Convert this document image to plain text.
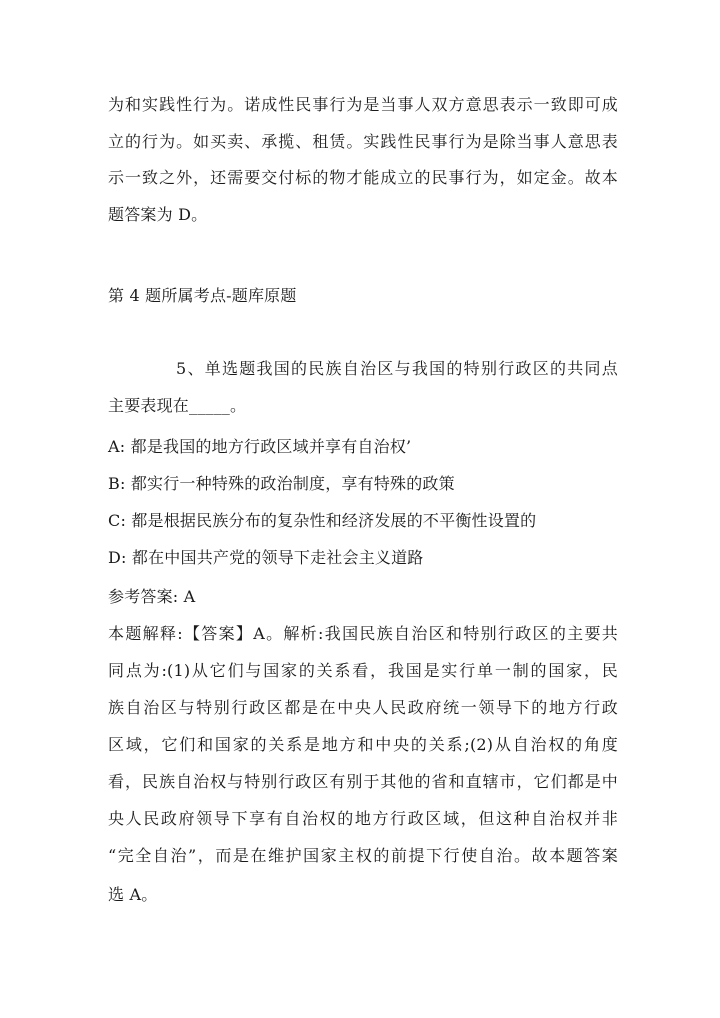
为和实践性行为。诺成性民事行为是当事人双方意思表示一致即可成
立的行为。如买卖、承揽、租赁。实践性民事行为是除当事人意思表
示一致之外，还需要交付标的物才能成立的民事行为，如定金。故本
题答案为 D。
第 4 题所属考点-题库原题
5、单选题我国的民族自治区与我国的特别行政区的共同点
主要表现在_____。
A: 都是我国的地方行政区域并享有自治权’
B: 都实行一种特殊的政治制度，享有特殊的政策
C: 都是根据民族分布的复杂性和经济发展的不平衡性设置的
D: 都在中国共产党的领导下走社会主义道路
参考答案: A
本题解释:【答案】A。解析:我国民族自治区和特别行政区的主要共
同点为:(1)从它们与国家的关系看，我国是实行单一制的国家，民
族自治区与特别行政区都是在中央人民政府统一领导下的地方行政
区域，它们和国家的关系是地方和中央的关系;(2)从自治权的角度
看，民族自治权与特别行政区有别于其他的省和直辖市，它们都是中
央人民政府领导下享有自治权的地方行政区域，但这种自治权并非
“完全自治”，而是在维护国家主权的前提下行使自治。故本题答案
选 A。
